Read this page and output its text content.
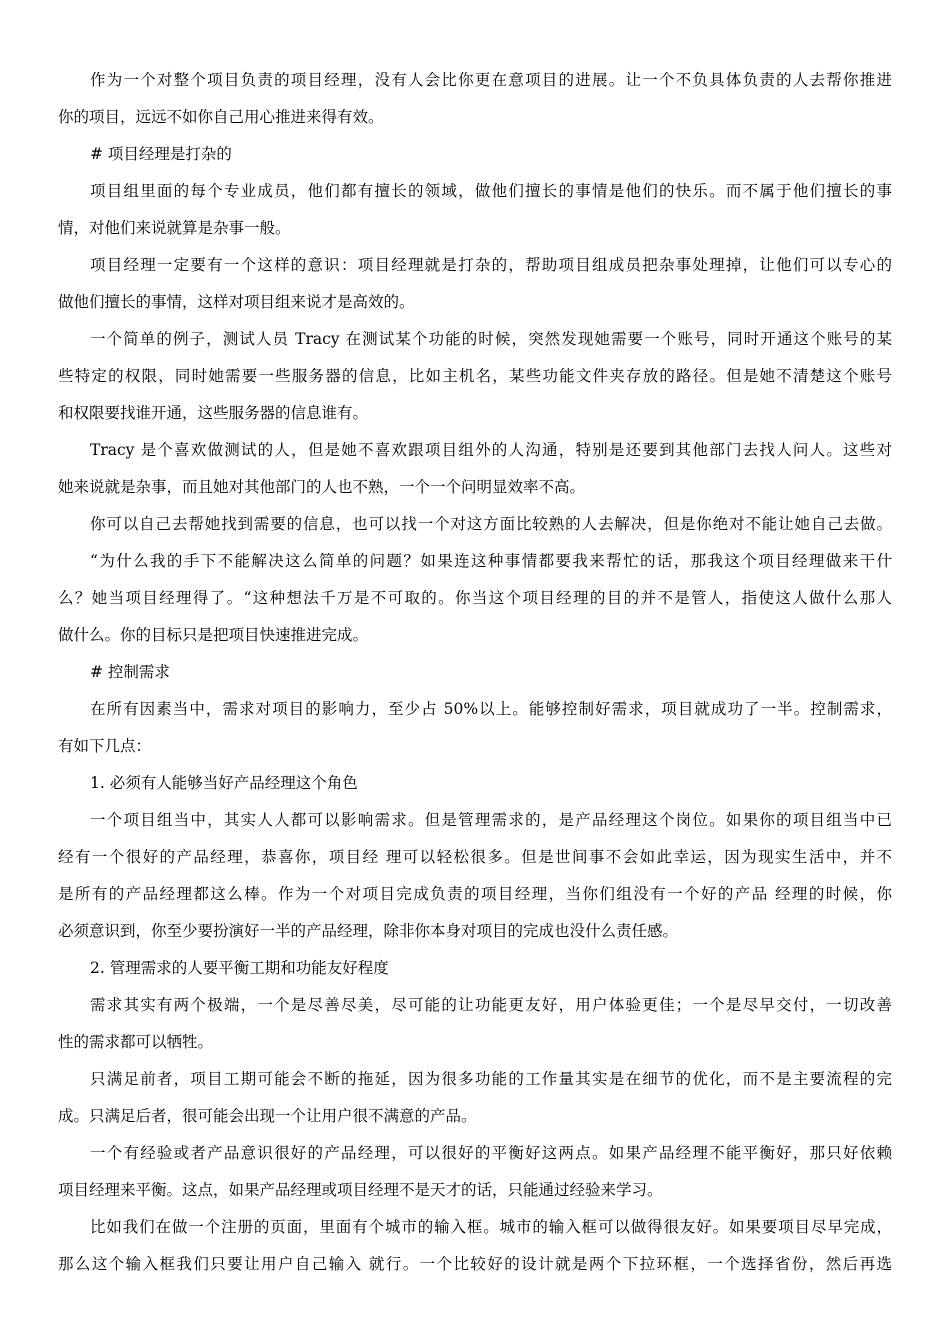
作为一个对整个项目负责的项目经理，没有人会比你更在意项目的进展。让一个不负具体负责的人去帮你推进
你的项目，远远不如你自己用心推进来得有效。
# 项目经理是打杂的
项目组里面的每个专业成员，他们都有擅长的领域，做他们擅长的事情是他们的快乐。而不属于他们擅长的事
情，对他们来说就算是杂事一般。
项目经理一定要有一个这样的意识：项目经理就是打杂的，帮助项目组成员把杂事处理掉，让他们可以专心的
做他们擅长的事情，这样对项目组来说才是高效的。
一个简单的例子，测试人员 Tracy 在测试某个功能的时候，突然发现她需要一个账号，同时开通这个账号的某
些特定的权限，同时她需要一些服务器的信息，比如主机名，某些功能文件夹存放的路径。但是她不清楚这个账号
和权限要找谁开通，这些服务器的信息谁有。
Tracy 是个喜欢做测试的人，但是她不喜欢跟项目组外的人沟通，特别是还要到其他部门去找人问人。这些对
她来说就是杂事，而且她对其他部门的人也不熟，一个一个问明显效率不高。
你可以自己去帮她找到需要的信息，也可以找一个对这方面比较熟的人去解决，但是你绝对不能让她自己去做。
“为什么我的手下不能解决这么简单的问题？如果连这种事情都要我来帮忙的话，那我这个项目经理做来干什
么？她当项目经理得了。“这种想法千万是不可取的。你当这个项目经理的目的并不是管人，指使这人做什么那人
做什么。你的目标只是把项目快速推进完成。
# 控制需求
在所有因素当中，需求对项目的影响力，至少占 50%以上。能够控制好需求，项目就成功了一半。控制需求，
有如下几点：
1. 必须有人能够当好产品经理这个角色
一个项目组当中，其实人人都可以影响需求。但是管理需求的，是产品经理这个岗位。如果你的项目组当中已
经有一个很好的产品经理，恭喜你，项目经 理可以轻松很多。但是世间事不会如此幸运，因为现实生活中，并不
是所有的产品经理都这么棒。作为一个对项目完成负责的项目经理，当你们组没有一个好的产品 经理的时候，你
必须意识到，你至少要扮演好一半的产品经理，除非你本身对项目的完成也没什么责任感。
2. 管理需求的人要平衡工期和功能友好程度
需求其实有两个极端，一个是尽善尽美，尽可能的让功能更友好，用户体验更佳；一个是尽早交付，一切改善
性的需求都可以牺牲。
只满足前者，项目工期可能会不断的拖延，因为很多功能的工作量其实是在细节的优化，而不是主要流程的完
成。只满足后者，很可能会出现一个让用户很不满意的产品。
一个有经验或者产品意识很好的产品经理，可以很好的平衡好这两点。如果产品经理不能平衡好，那只好依赖
项目经理来平衡。这点，如果产品经理或项目经理不是天才的话，只能通过经验来学习。
比如我们在做一个注册的页面，里面有个城市的输入框。城市的输入框可以做得很友好。如果要项目尽早完成，
那么这个输入框我们只要让用户自己输入 就行。一个比较好的设计就是两个下拉环框，一个选择省份，然后再选
